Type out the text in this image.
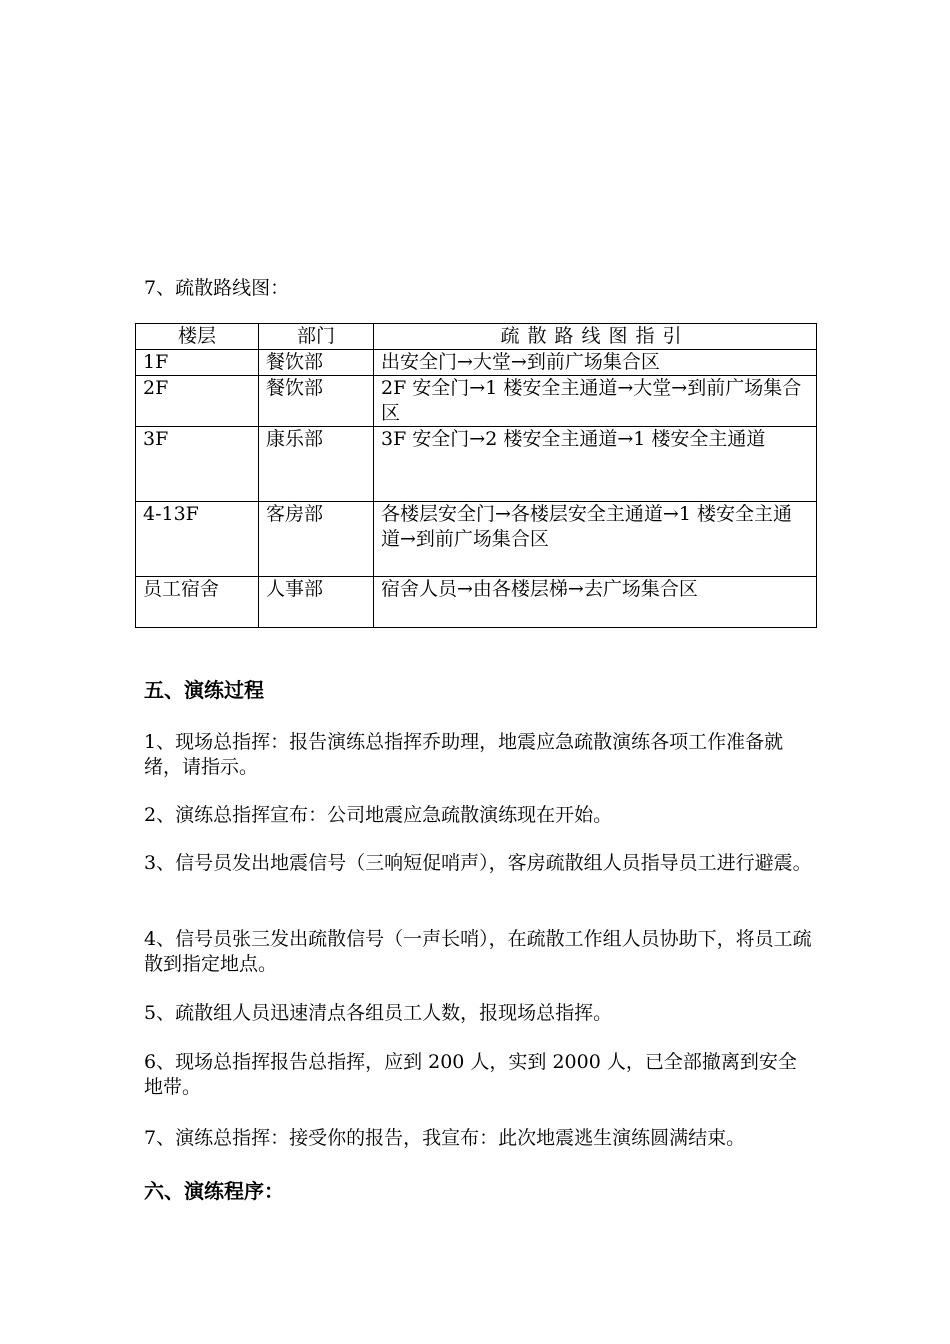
7、疏散路线图：
楼层	部门	疏散路线图指引
1F	餐饮部	出安全门→大堂→到前广场集合区
2F	餐饮部	2F 安全门→1 楼安全主通道→大堂→到前广场集合区
3F	康乐部	3F 安全门→2 楼安全主通道→1 楼安全主通道
4-13F	客房部	各楼层安全门→各楼层安全主通道→1 楼安全主通道→到前广场集合区
员工宿舍	人事部	宿舍人员→由各楼层梯→去广场集合区
五、演练过程
1、现场总指挥：报告演练总指挥乔助理，地震应急疏散演练各项工作准备就绪，请指示。
2、演练总指挥宣布：公司地震应急疏散演练现在开始。
3、信号员发出地震信号（三响短促哨声），客房疏散组人员指导员工进行避震。
4、信号员张三发出疏散信号（一声长哨），在疏散工作组人员协助下，将员工疏散到指定地点。
5、疏散组人员迅速清点各组员工人数，报现场总指挥。
6、现场总指挥报告总指挥，应到 200 人，实到 2000 人，已全部撤离到安全地带。
7、演练总指挥：接受你的报告，我宣布：此次地震逃生演练圆满结束。
六、演练程序：
